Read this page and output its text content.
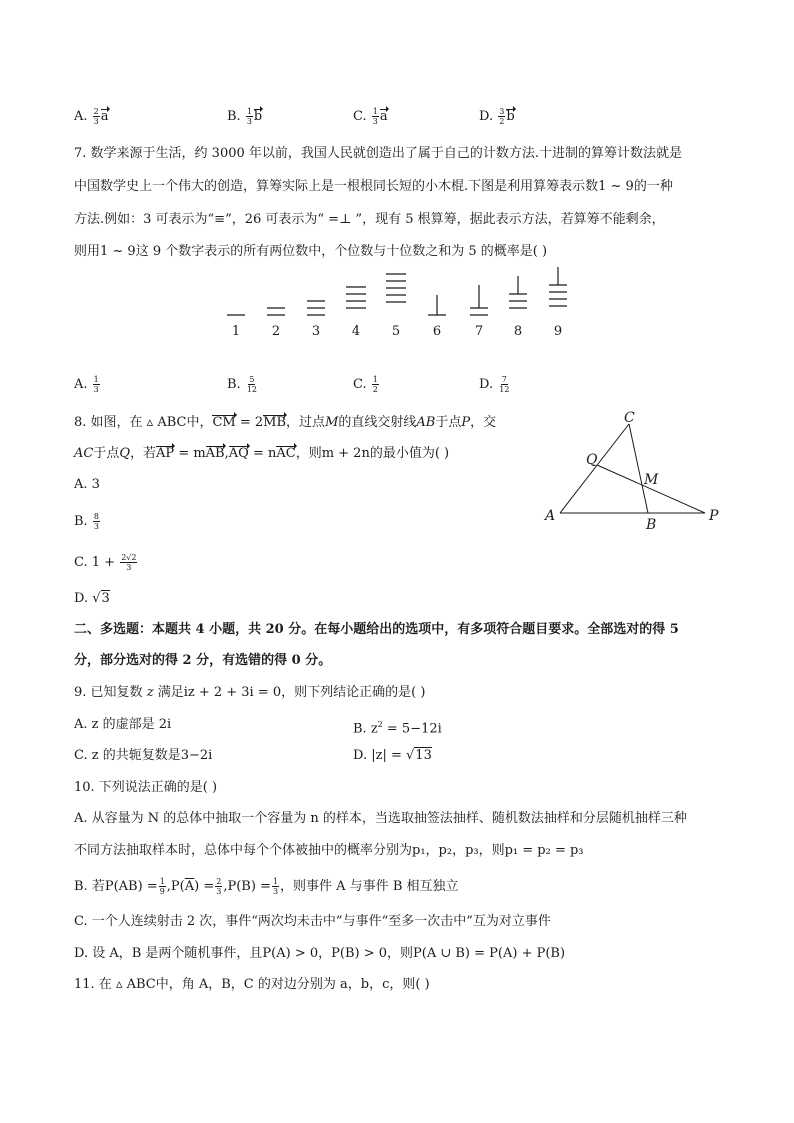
A. $\frac{2}{3}$ a	B. $\frac{1}{3}$ b	C. $\frac{1}{3}$ a	D. $\frac{3}{2}$ b
7. 数学来源于生活，约 3000 年以前，我国人民就创造出了属于自己的计数方法.十进制的算筹计数法就是
中国数学史上一个伟大的创造，算筹实际上是一根根同长短的小木棍.下图是利用算筹表示数1 ~ 9的一种
方法.例如：3 可表示为“≡”，26 可表示为“ =⊥ ”，现有 5 根算筹，据此表示方法，若算筹不能剩余，
则用1 ~ 9这 9 个数字表示的所有两位数中，个位数与十位数之和为 5 的概率是( )
1 2 3 4 5	6	7 8 9
A. $\frac{1}{3}$	B. $\frac{5}{12}$	C. $\frac{1}{2}$	D. $\frac{7}{12}$
8. 如图，在 ▵ ABC中，CM = 2MB，过点M的直线交射线AB于点P，交
AC于点Q，若AP = mAB,AQ = nAC，则m + 2n的最小值为( )
A. 3
B. $\frac{8}{3}$
C. $1 + \frac{2√2}{3}$
D. √3
A
B
C
M
P
Q
二、多选题：本题共 4 小题，共 20 分。在每小题给出的选项中，有多项符合题目要求。全部选对的得 5
分，部分选对的得 2 分，有选错的得 0 分。
9. 已知复数 z 满足iz + 2 + 3i = 0，则下列结论正确的是( )
A. z 的虚部是 2i	B. $z^2 = 5-12i$
C. z 的共轭复数是3−2i	D. |z| = √13
10. 下列说法正确的是( )
A. 从容量为 N 的总体中抽取一个容量为 n 的样本，当选取抽签法抽样、随机数法抽样和分层随机抽样三种
不同方法抽取样本时，总体中每个个体被抽中的概率分别为p₁，p₂，p₃，则p₁ = p₂ = p₃
B. 若$P(AB) = \frac{1}{9} ,P(\overline{A}) = \frac{2}{3} ,P(B) = \frac{1}{3}$ ，则事件 A 与事件 B 相互独立
C. 一个人连续射击 2 次，事件“两次均未击中”与事件“至多一次击中”互为对立事件
D. 设 A，B 是两个随机事件，且P(A) > 0，P(B) > 0，则P(A ∪ B) = P(A) + P(B)
11. 在 ▵ ABC中，角 A，B，C 的对边分别为 a，b，c，则( )
